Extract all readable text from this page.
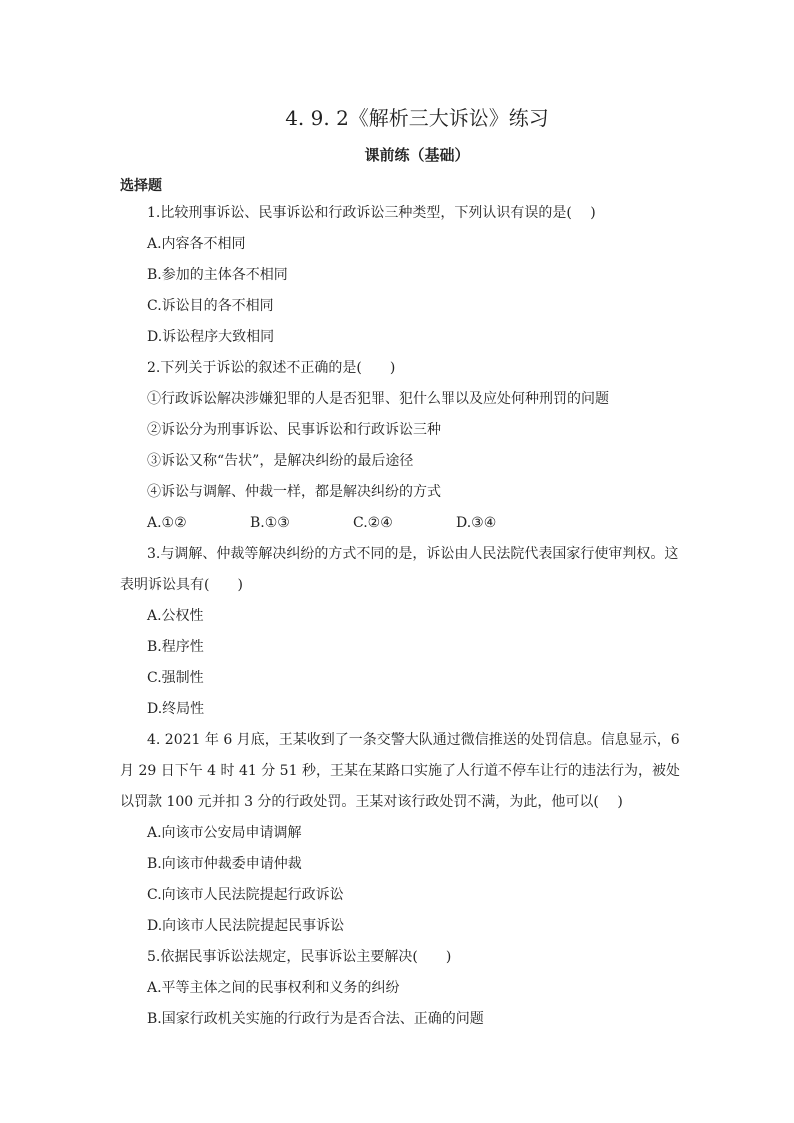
4. 9. 2《解析三大诉讼》练习
课前练（基础）
选择题

1.比较刑事诉讼、民事诉讼和行政诉讼三种类型，下列认识有误的是(　 )

A.内容各不相同

B.参加的主体各不相同

C.诉讼目的各不相同

D.诉讼程序大致相同

2.下列关于诉讼的叙述不正确的是(　　)

①行政诉讼解决涉嫌犯罪的人是否犯罪、犯什么罪以及应处何种刑罚的问题

②诉讼分为刑事诉讼、民事诉讼和行政诉讼三种

③诉讼又称“告状”，是解决纠纷的最后途径

④诉讼与调解、仲裁一样，都是解决纠纷的方式

A.①②	B.①③	C.②④	D.③④

3.与调解、仲裁等解决纠纷的方式不同的是，诉讼由人民法院代表国家行使审判权。这表明诉讼具有(　　)

A.公权性

B.程序性

C.强制性

D.终局性

4. 2021 年 6 月底，王某收到了一条交警大队通过微信推送的处罚信息。信息显示，6 月 29 日下午 4 时 41 分 51 秒，王某在某路口实施了人行道不停车让行的违法行为，被处以罚款 100 元并扣 3 分的行政处罚。王某对该行政处罚不满，为此，他可以(　 )

A.向该市公安局申请调解

B.向该市仲裁委申请仲裁

C.向该市人民法院提起行政诉讼

D.向该市人民法院提起民事诉讼

5.依据民事诉讼法规定，民事诉讼主要解决(　　)

A.平等主体之间的民事权利和义务的纠纷

B.国家行政机关实施的行政行为是否合法、正确的问题
